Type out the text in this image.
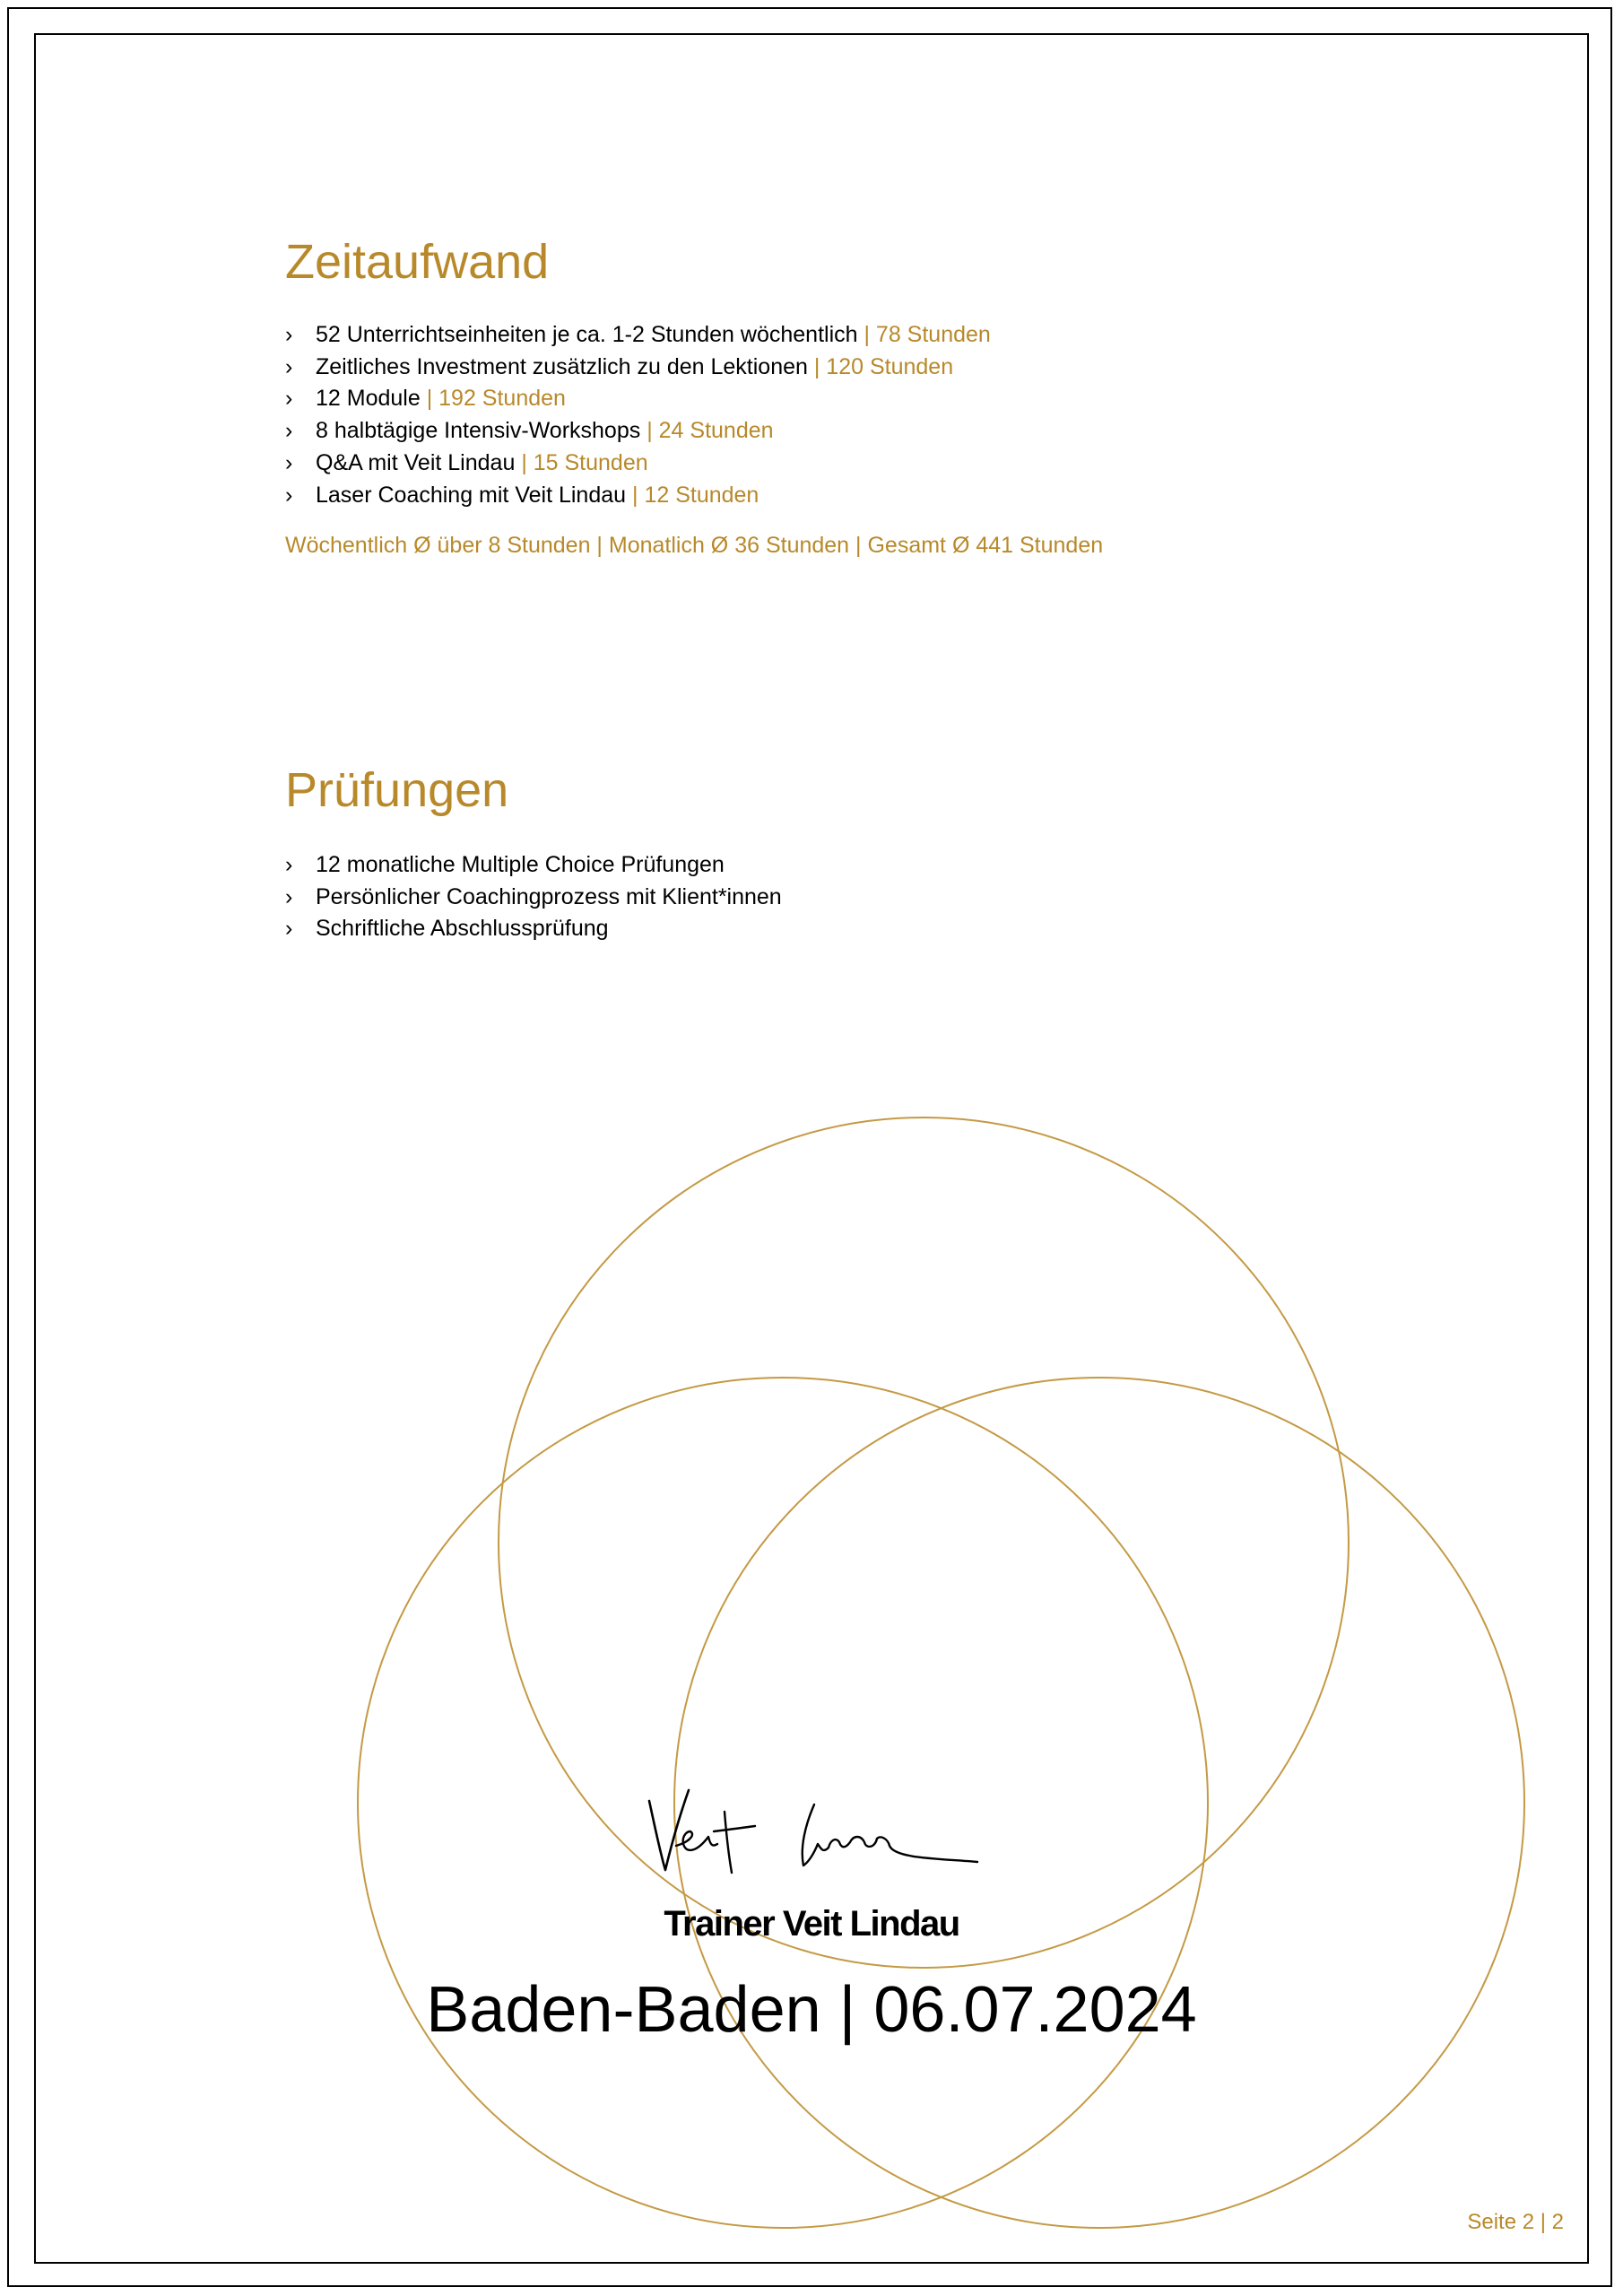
Zeitaufwand
› 52 Unterrichtseinheiten je ca. 1-2 Stunden wöchentlich | 78 Stunden
› Zeitliches Investment zusätzlich zu den Lektionen | 120 Stunden
› 12 Module | 192 Stunden
› 8 halbtägige Intensiv-Workshops | 24 Stunden
› Q&A mit Veit Lindau | 15 Stunden
› Laser Coaching mit Veit Lindau | 12 Stunden

Wöchentlich Ø über 8 Stunden | Monatlich Ø 36 Stunden | Gesamt Ø 441 Stunden

Prüfungen
› 12 monatliche Multiple Choice Prüfungen
› Persönlicher Coachingprozess mit Klient*innen
› Schriftliche Abschlussprüfung
Trainer Veit Lindau
Baden-Baden | 06.07.2024
Seite 2 | 2
